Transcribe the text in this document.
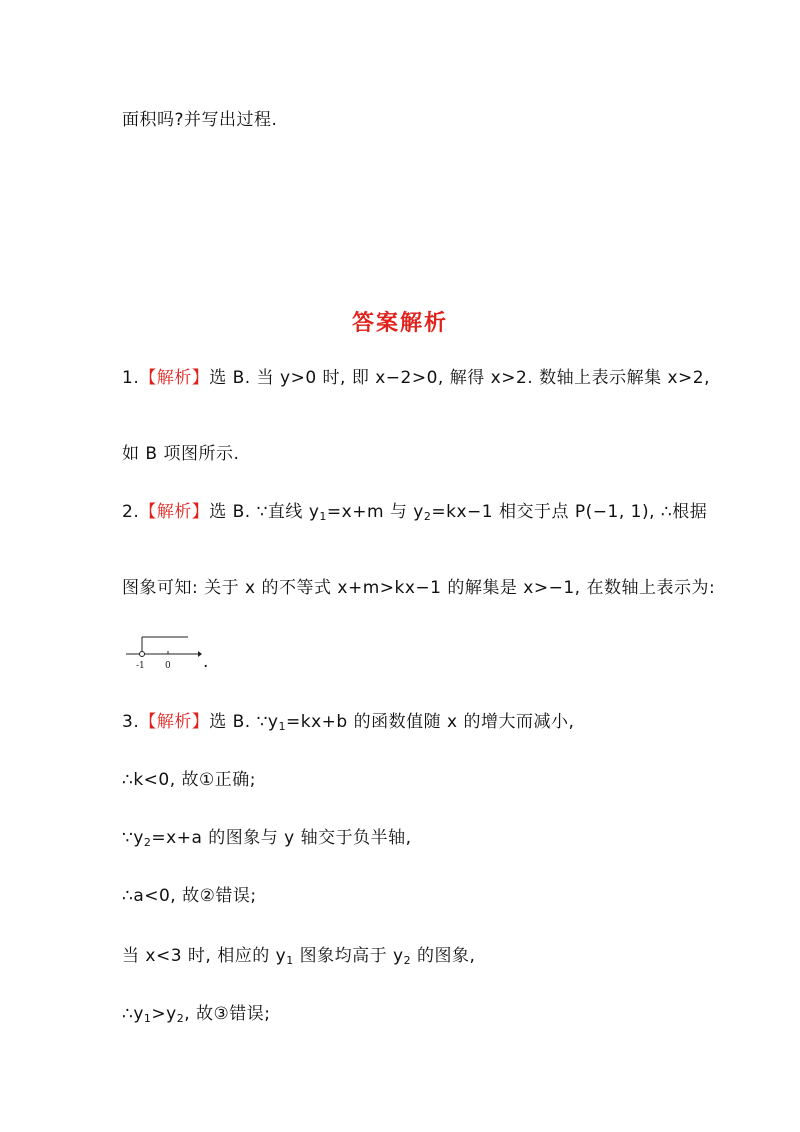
面积吗?并写出过程.
答案解析
1.【解析】选 B. 当 y>0 时, 即 x−2>0, 解得 x>2. 数轴上表示解集 x>2,
如 B 项图所示.
2.【解析】选 B. ∵直线 $y_1=x+m$ 与 $y_2=kx-1$ 相交于点 P(−1, 1), ∴根据
图象可知: 关于 x 的不等式 x+m>kx−1 的解集是 x>−1, 在数轴上表示为:
-1 0 .
3.【解析】选 B. $\because y_1=kx+b$ 的函数值随 x 的增大而减小,
∴k<0, 故①正确;
$\because y_2=x+a$ 的图象与 y 轴交于负半轴,
∴a<0, 故②错误;
当 x<3 时, 相应的 $y_1$ 图象均高于 $y_2$ 的图象,
$\therefore y_1>y_2$, 故③错误;
